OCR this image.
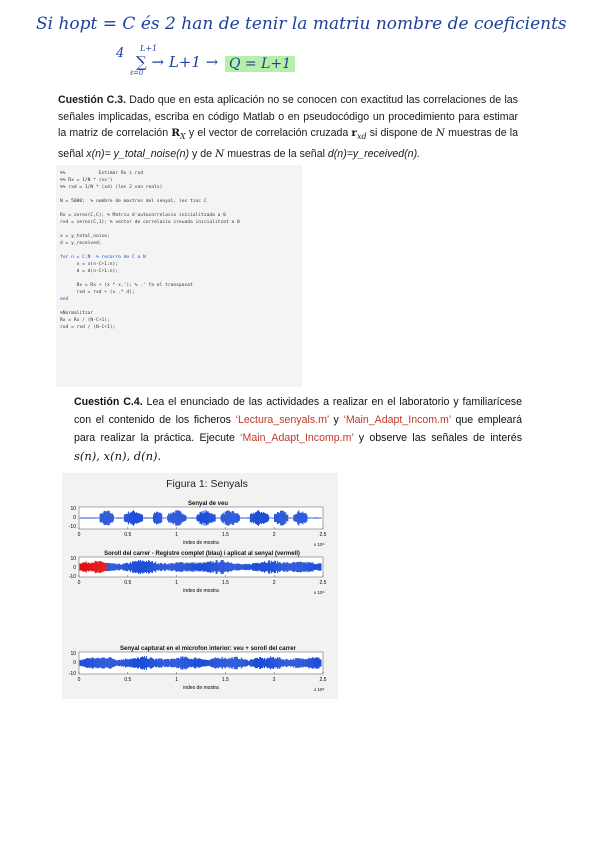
Si hopt = C és 2 han de tenir la matriu nombre de coeficients
4 L+1
∑ → L+1 →
ℓ=0
Q = L+1
Cuestión C.3. Dado que en esta aplicación no se conocen con exactitud las correlaciones de las señales implicadas, escriba en código Matlab o en pseudocódigo un procedimiento para estimar la matriz de correlación $R_X$ y el vector de correlación cruzada $r_{xd}$ si dispone de N muestras de la señal x(n)= y_total_noise(n) y de N muestras de la señal d(n)=y_received(n).
%%            Estimar Rx i rxd
%% Rx = 1/N * (xx')
%% rxd = 1/N * (xd) (les 2 son reals)

N = 5000;  % nombre de mostres del senyal, les tinc C

Rx = zeros(C,C); % Matriu d'autocorrelacio inicialitzada a 0
rxd = zeros(C,1); % vector de correlacio creuada inicialitzat a 0

x = y_total_noise;
d = y_received;

for n = C:N  % recorro de C a N
x = x(n-C+1:n);
d = d(n-C+1:n);

Rx = Rx + (x * x.'); % .' fa el transposat
rxd = rxd + (x .* d);
end

%Normalitzar
Rx = Rx / (N-C+1);
rxd = rxd / (N-C+1);
Cuestión C.4. Lea el enunciado de las actividades a realizar en el laboratorio y familiarícese con el contenido de los ficheros ‘Lectura_senyals.m’ y ‘Main_Adapt_Incom.m’ que empleará para realizar la práctica. Ejecute ‘Main_Adapt_Incomp.m’ y observe las señales de interés s(n), x(n), d(n).
Figura 1: Senyals
Senyal de veu
10
0
-10
0	0.5	1	1.5	2	2.5
index de mostra	x 10⁴
Soroll del carrer - Registre complet (blau) i aplicat al senyal (vermell)
10
0
-10
0	0.5	1	1.5	2	2.5
index de mostra	x 10⁴
Senyal capturat en el microfon interior: veu + soroll del carrer
10
0
-10
0	0.5	1	1.5	2	2.5
index de mostra	x 10⁴
